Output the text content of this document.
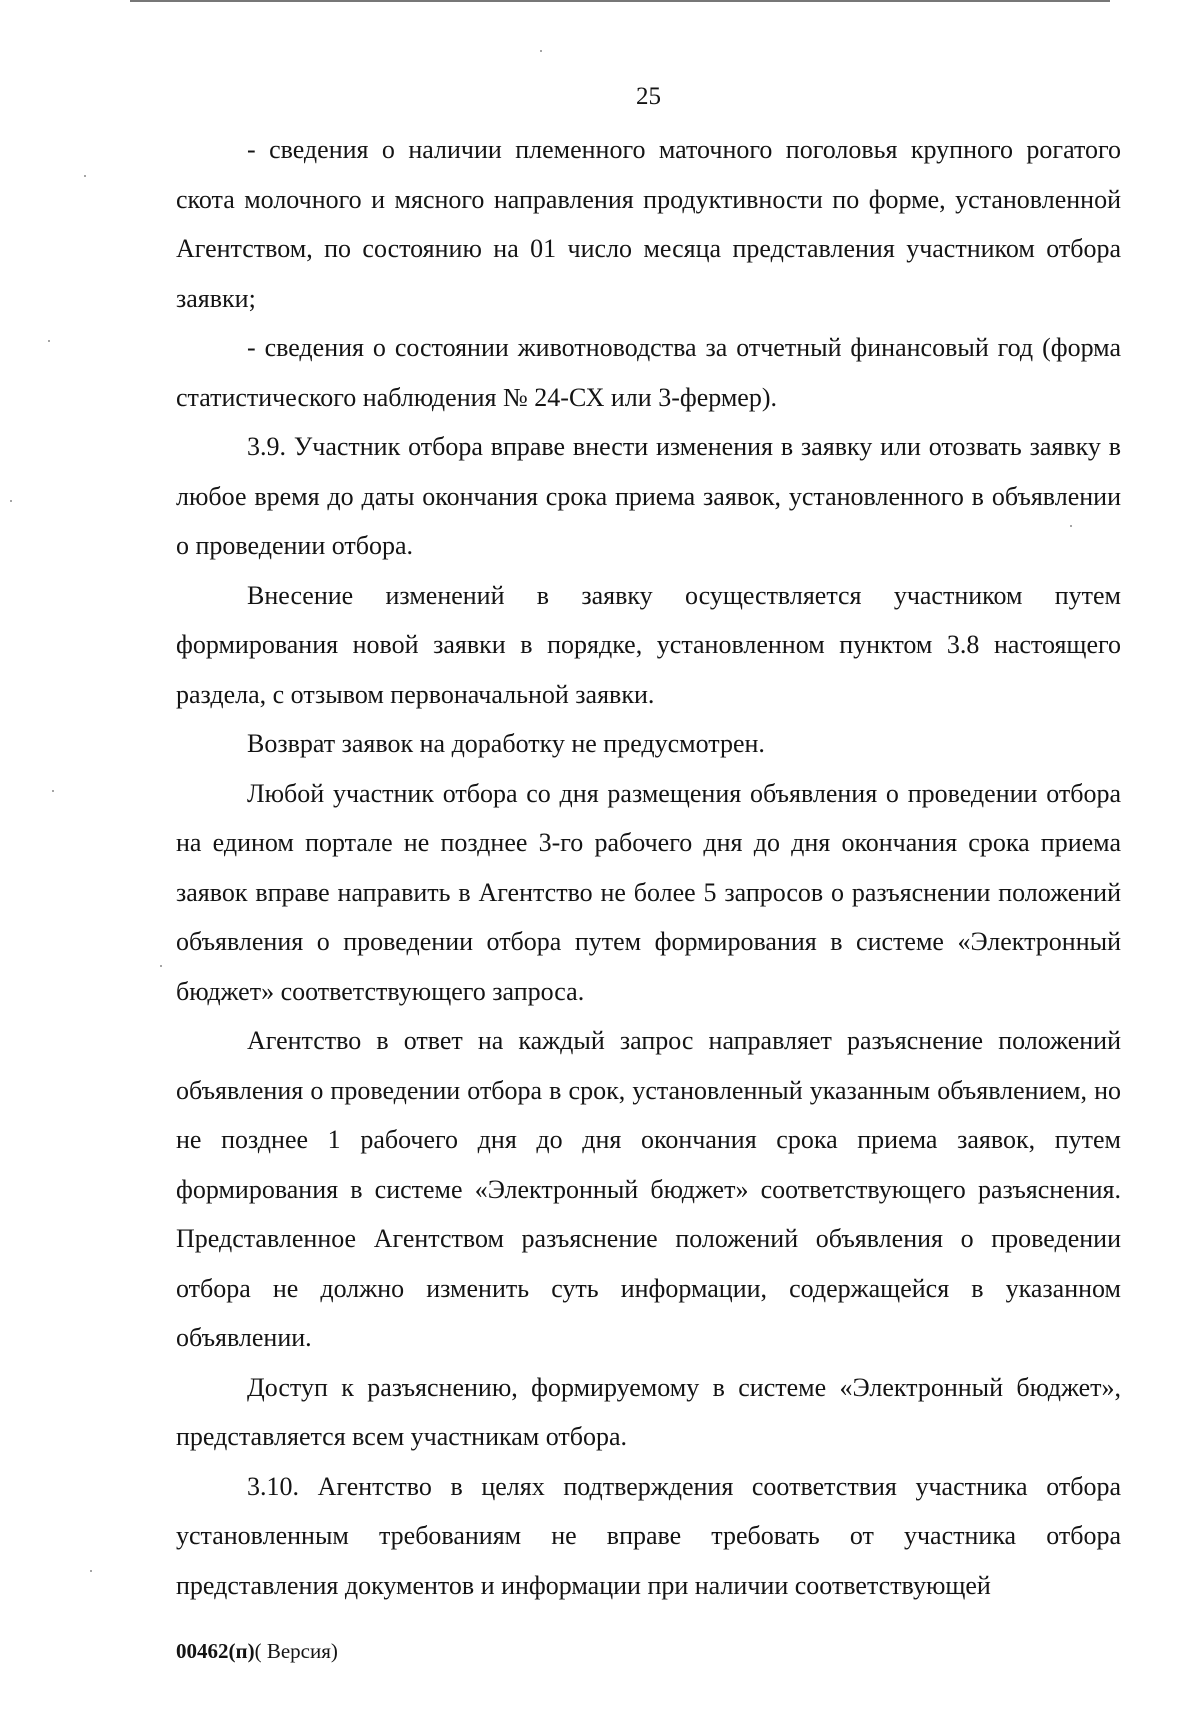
25

- сведения о наличии племенного маточного поголовья крупного рогатого скота молочного и мясного направления продуктивности по форме, установленной Агентством, по состоянию на 01 число месяца представления участником отбора заявки;

- сведения о состоянии животноводства за отчетный финансовый год (форма статистического наблюдения № 24-СХ или 3-фермер).

3.9. Участник отбора вправе внести изменения в заявку или отозвать заявку в любое время до даты окончания срока приема заявок, установленного в объявлении о проведении отбора.

Внесение изменений в заявку осуществляется участником путем формирования новой заявки в порядке, установленном пунктом 3.8 настоящего раздела, с отзывом первоначальной заявки.

Возврат заявок на доработку не предусмотрен.

Любой участник отбора со дня размещения объявления о проведении отбора на едином портале не позднее 3-го рабочего дня до дня окончания срока приема заявок вправе направить в Агентство не более 5 запросов о разъяснении положений объявления о проведении отбора путем формирования в системе «Электронный бюджет» соответствующего запроса.

Агентство в ответ на каждый запрос направляет разъяснение положений объявления о проведении отбора в срок, установленный указанным объявлением, но не позднее 1 рабочего дня до дня окончания срока приема заявок, путем формирования в системе «Электронный бюджет» соответствующего разъяснения. Представленное Агентством разъяснение положений объявления о проведении отбора не должно изменить суть информации, содержащейся в указанном объявлении.

Доступ к разъяснению, формируемому в системе «Электронный бюджет», представляется всем участникам отбора.

3.10. Агентство в целях подтверждения соответствия участника отбора установленным требованиям не вправе требовать от участника отбора представления документов и информации при наличии соответствующей

00462(п)( Версия)
